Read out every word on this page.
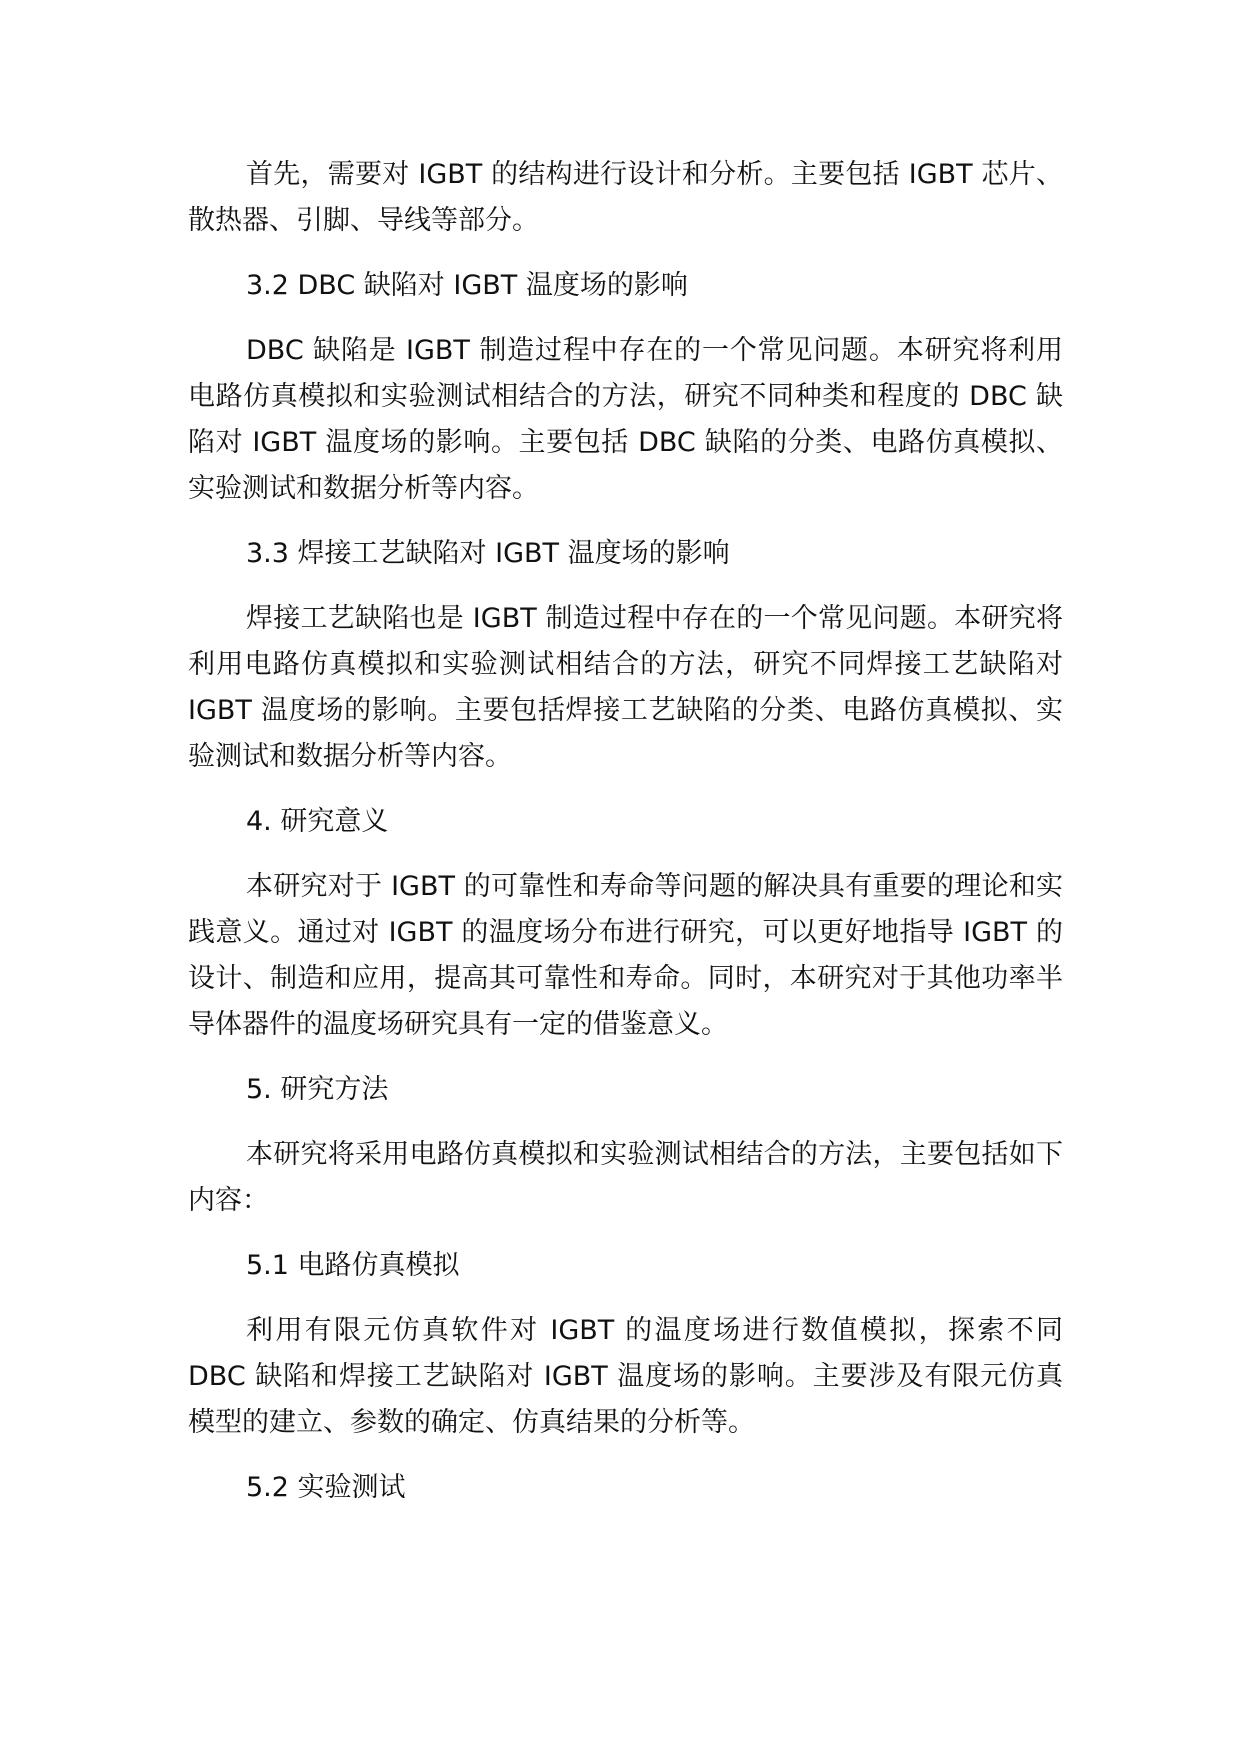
首先，需要对 IGBT 的结构进行设计和分析。主要包括 IGBT 芯片、散热器、引脚、导线等部分。

3.2 DBC 缺陷对 IGBT 温度场的影响

DBC 缺陷是 IGBT 制造过程中存在的一个常见问题。本研究将利用电路仿真模拟和实验测试相结合的方法，研究不同种类和程度的 DBC 缺陷对 IGBT 温度场的影响。主要包括 DBC 缺陷的分类、电路仿真模拟、实验测试和数据分析等内容。

3.3 焊接工艺缺陷对 IGBT 温度场的影响

焊接工艺缺陷也是 IGBT 制造过程中存在的一个常见问题。本研究将利用电路仿真模拟和实验测试相结合的方法，研究不同焊接工艺缺陷对 IGBT 温度场的影响。主要包括焊接工艺缺陷的分类、电路仿真模拟、实验测试和数据分析等内容。

4. 研究意义

本研究对于 IGBT 的可靠性和寿命等问题的解决具有重要的理论和实践意义。通过对 IGBT 的温度场分布进行研究，可以更好地指导 IGBT 的设计、制造和应用，提高其可靠性和寿命。同时，本研究对于其他功率半导体器件的温度场研究具有一定的借鉴意义。

5. 研究方法

本研究将采用电路仿真模拟和实验测试相结合的方法，主要包括如下内容：

5.1 电路仿真模拟

利用有限元仿真软件对 IGBT 的温度场进行数值模拟，探索不同 DBC 缺陷和焊接工艺缺陷对 IGBT 温度场的影响。主要涉及有限元仿真模型的建立、参数的确定、仿真结果的分析等。

5.2 实验测试
